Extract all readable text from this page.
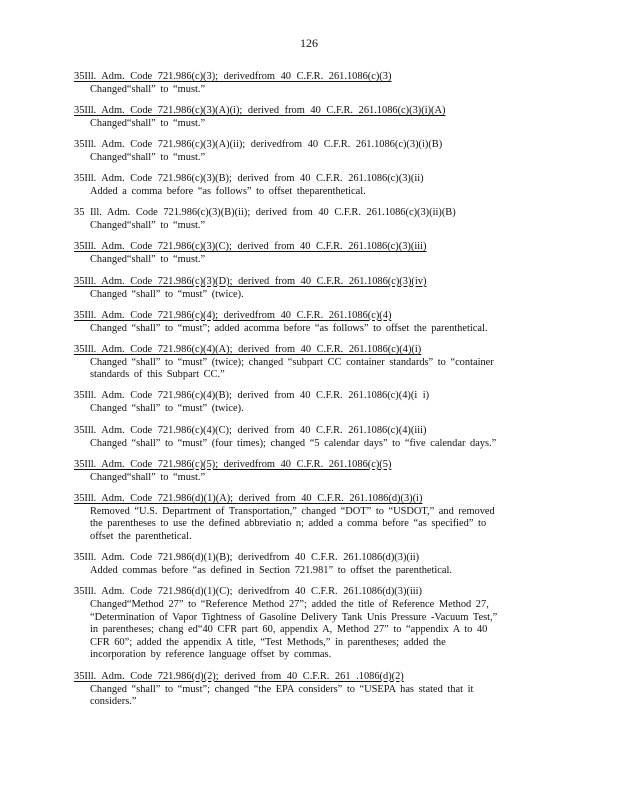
126
35Ill. Adm. Code 721.986(c)(3); derivedfrom 40 C.F.R. 261.1086(c)(3)
Changed“shall” to “must.”
35Ill. Adm. Code 721.986(c)(3)(A)(i); derived from 40 C.F.R. 261.1086(c)(3)(i)(A)
Changed“shall” to “must.”
35Ill. Adm. Code 721.986(c)(3)(A)(ii); derivedfrom 40 C.F.R. 261.1086(c)(3)(i)(B)
Changed“shall” to “must.”
35Ill. Adm. Code 721.986(c)(3)(B); derived from 40 C.F.R. 261.1086(c)(3)(ii)
Added a comma before “as follows” to offset theparenthetical.
35 Ill. Adm. Code 721.986(c)(3)(B)(ii); derived from 40 C.F.R. 261.1086(c)(3)(ii)(B)
Changed“shall” to “must.”
35Ill. Adm. Code 721.986(c)(3)(C); derived from 40 C.F.R. 261.1086(c)(3)(iii)
Changed“shall” to “must.”
35Ill. Adm. Code 721.986(c)(3)(D); derived from 40 C.F.R. 261.1086(c)(3)(iv)
Changed “shall” to “must” (twice).
35Ill. Adm. Code 721.986(c)(4); derivedfrom 40 C.F.R. 261.1086(c)(4)
Changed “shall” to “must”; added acomma before “as follows” to offset the parenthetical.
35Ill. Adm. Code 721.986(c)(4)(A); derived from 40 C.F.R. 261.1086(c)(4)(i)
Changed “shall” to “must” (twice); changed “subpart CC container standards” to “container
standards of this Subpart CC.”
35Ill. Adm. Code 721.986(c)(4)(B); derived from 40 C.F.R. 261.1086(c)(4)(i i)
Changed “shall” to “must” (twice).
35Ill. Adm. Code 721.986(c)(4)(C); derived from 40 C.F.R. 261.1086(c)(4)(iii)
Changed “shall” to “must” (four times); changed “5 calendar days” to “five calendar days.”
35Ill. Adm. Code 721.986(c)(5); derivedfrom 40 C.F.R. 261.1086(c)(5)
Changed“shall” to “must.”
35Ill. Adm. Code 721.986(d)(1)(A); derived from 40 C.F.R. 261.1086(d)(3)(i)
Removed “U.S. Department of Transportation,” changed “DOT” to “USDOT,” and removed
the parentheses to use the defined abbreviatio n; added a comma before “as specified” to
offset the parenthetical.
35Ill. Adm. Code 721.986(d)(1)(B); derivedfrom 40 C.F.R. 261.1086(d)(3)(ii)
Added commas before “as defined in Section 721.981” to offset the parenthetical.
35Ill. Adm. Code 721.986(d)(1)(C); derivedfrom 40 C.F.R. 261.1086(d)(3)(iii)
Changed“Method 27” to “Reference Method 27”; added the title of Reference Method 27,
“Determination of Vapor Tightness of Gasoline Delivery Tank Unis Pressure -Vacuum Test,”
in parentheses; chang ed“40 CFR part 60, appendix A, Method 27” to “appendix A to 40
CFR 60”; added the appendix A title, “Test Methods,” in parentheses; added the
incorporation by reference language offset by commas.
35Ill. Adm. Code 721.986(d)(2); derived from 40 C.F.R. 261 .1086(d)(2)
Changed “shall” to “must”; changed “the EPA considers” to “USEPA has stated that it
considers.”
